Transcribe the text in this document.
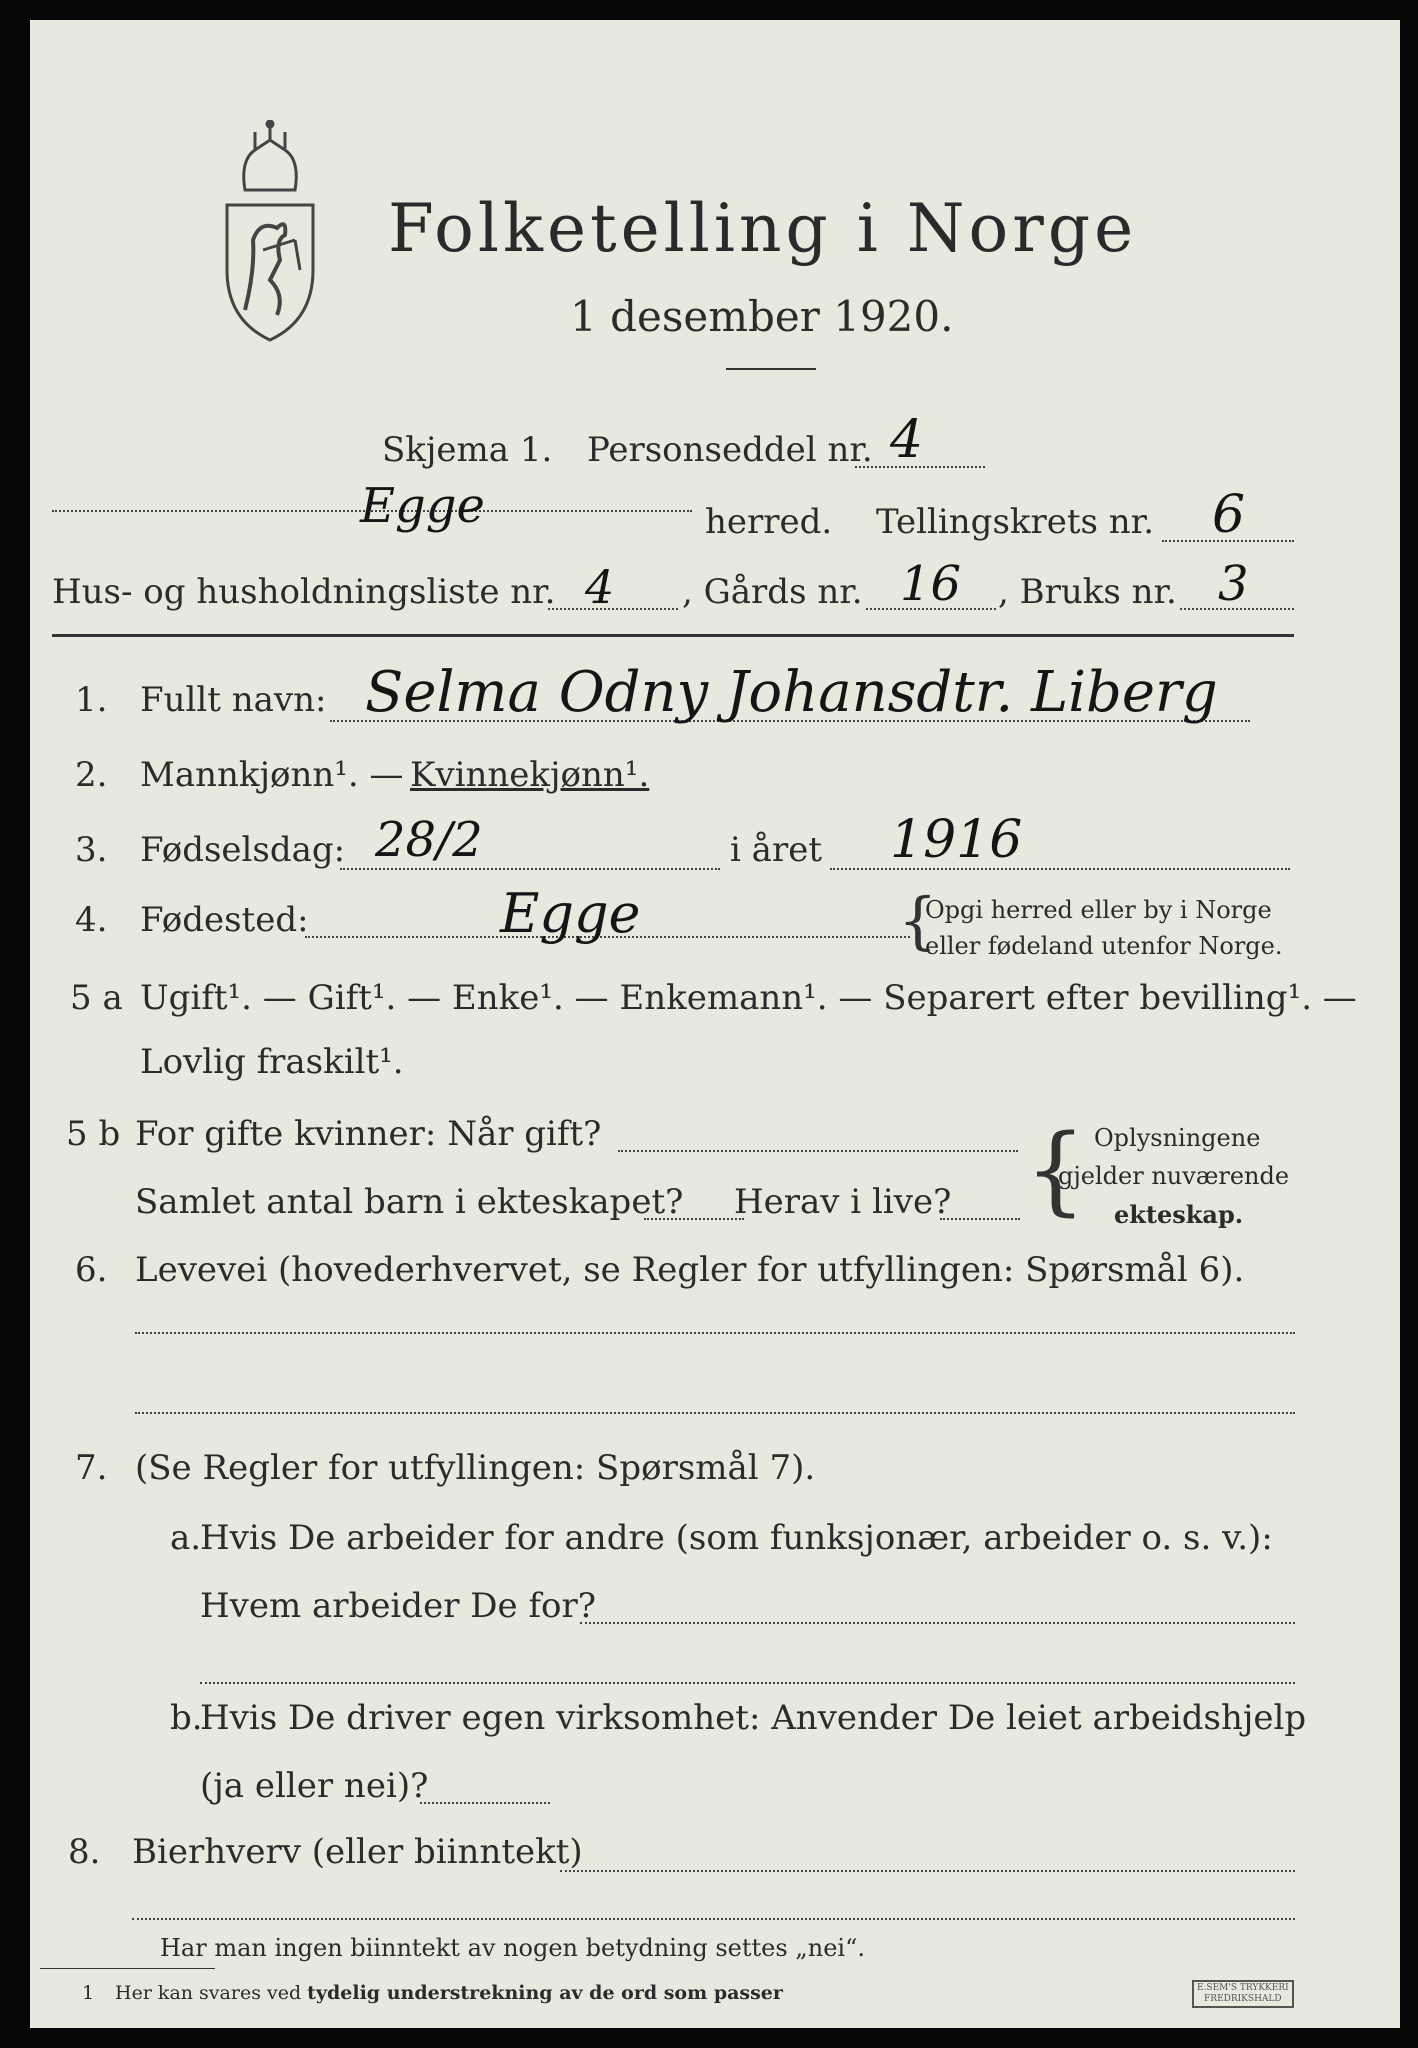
Folketelling i Norge
1 desember 1920.
Skjema 1. Personseddel nr. 4
Egge	herred. Tellingskrets nr. 6
Hus- og husholdningsliste nr. 4 , Gårds nr. 16 , Bruks nr. 3
1. Fullt navn: Selma Odny Johansdtr. Liberg
2. Mannkjønn¹. — Kvinnekjønn¹.
3. Fødselsdag: 28/2	i året 1916
4. Fødested:	Egge	{
Opgi herred eller by i Norge
eller fødeland utenfor Norge.
5 a Ugift¹. — Gift¹. — Enke¹. — Enkemann¹. — Separert efter bevilling¹. —
Lovlig fraskilt¹.
5 b For gifte kvinner: Når gift?
Samlet antal barn i ekteskapet? Herav i live? { Oplysningene
gjelder nuværende
ekteskap.
6. Levevei (hovederhvervet, se Regler for utfyllingen: Spørsmål 6).
7. (Se Regler for utfyllingen: Spørsmål 7).
a.
Hvis De arbeider for andre (som funksjonær, arbeider o. s. v.):
Hvem arbeider De for?
b.
Hvis De driver egen virksomhet: Anvender De leiet arbeidshjelp
(ja eller nei)?
8. Bierhverv (eller biinntekt)
Har man ingen biinntekt av nogen betydning settes „nei“.
1 Her kan svares ved tydelig understrekning av de ord som passer	E.SEM'S TRYKKERI
FREDRIKSHALD
